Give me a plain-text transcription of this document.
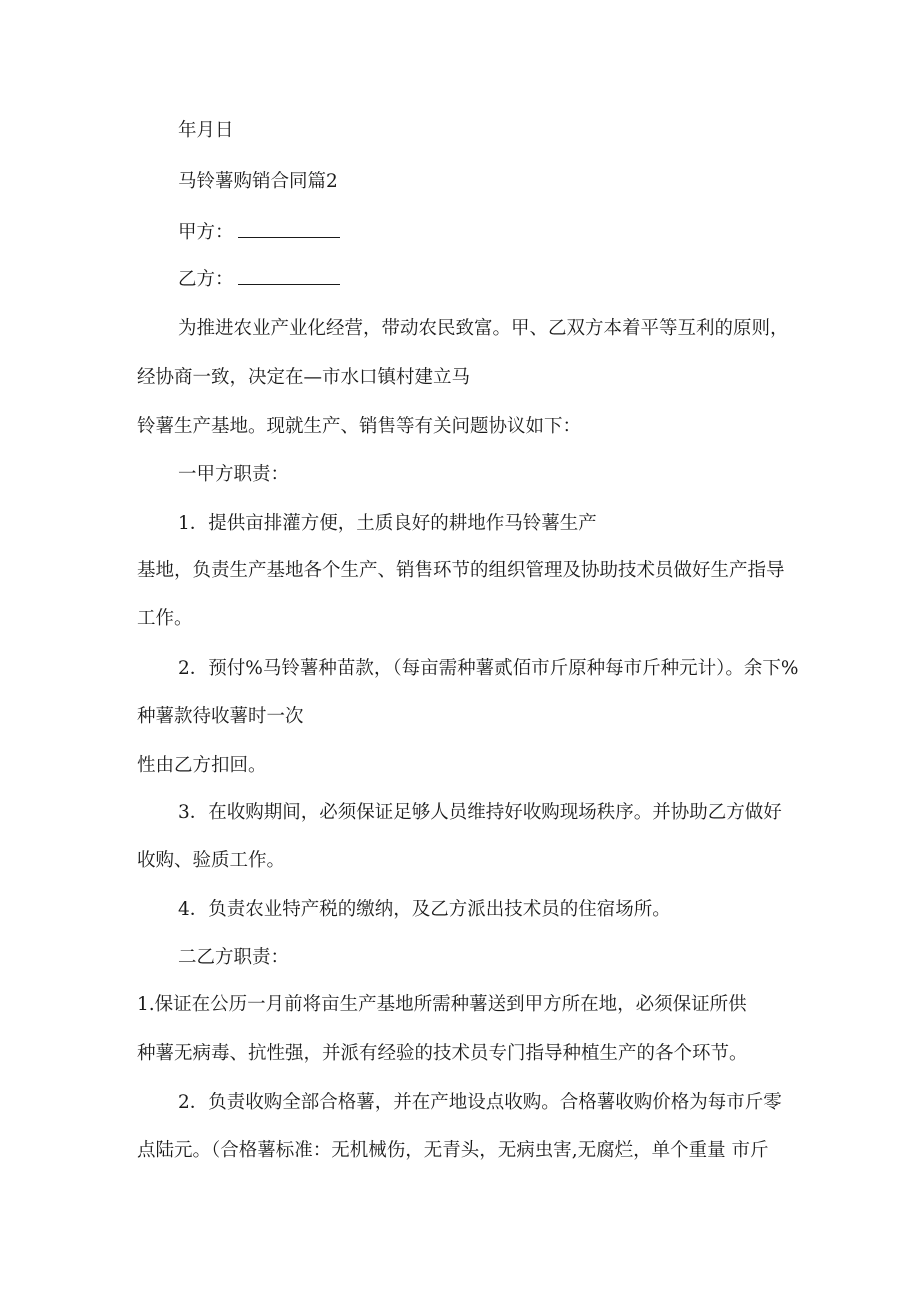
年月日
马铃薯购销合同篇2
甲方：
乙方：
为推进农业产业化经营，带动农民致富。甲、乙双方本着平等互利的原则，
经协商一致，决定在—市水口镇村建立马
铃薯生产基地。现就生产、销售等有关问题协议如下：
一甲方职责：
1．提供亩排灌方便，土质良好的耕地作马铃薯生产
基地，负责生产基地各个生产、销售环节的组织管理及协助技术员做好生产指导
工作。
2．预付%马铃薯种苗款，（每亩需种薯贰佰市斤原种每市斤种元计）。余下%
种薯款待收薯时一次
性由乙方扣回。
3．在收购期间，必须保证足够人员维持好收购现场秩序。并协助乙方做好
收购、验质工作。
4．负责农业特产税的缴纳，及乙方派出技术员的住宿场所。
二乙方职责：
1.保证在公历一月前将亩生产基地所需种薯送到甲方所在地，必须保证所供
种薯无病毒、抗性强，并派有经验的技术员专门指导种植生产的各个环节。
2．负责收购全部合格薯，并在产地设点收购。合格薯收购价格为每市斤零
点陆元。（合格薯标准：无机械伤，无青头，无病虫害,无腐烂，单个重量 市斤
